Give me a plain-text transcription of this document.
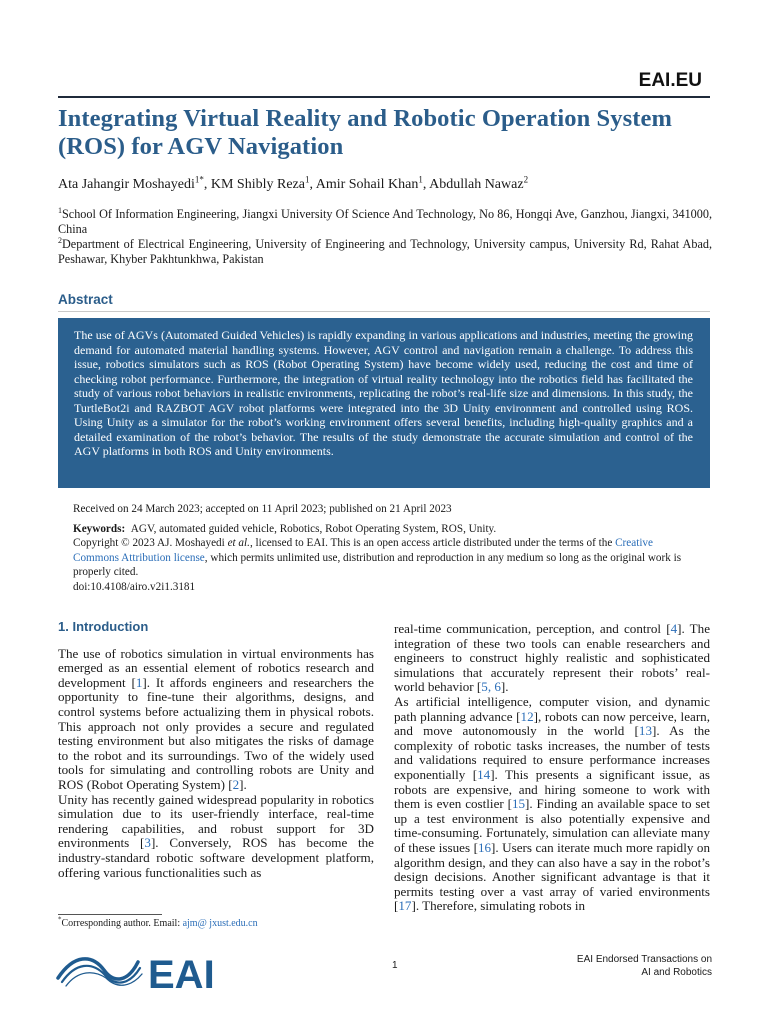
EAI.EU
Integrating Virtual Reality and Robotic Operation System (ROS) for AGV Navigation
Ata Jahangir Moshayedi$^{1*}$, KM Shibly Reza$^1$, Amir Sohail Khan$^1$, Abdullah Nawaz$^2$

$^1$School Of Information Engineering, Jiangxi University Of Science And Technology, No 86, Hongqi Ave, Ganzhou, Jiangxi, 341000, China

$^2$Department of Electrical Engineering, University of Engineering and Technology, University campus, University Rd, Rahat Abad, Peshawar, Khyber Pakhtunkhwa, Pakistan

Abstract

The use of AGVs (Automated Guided Vehicles) is rapidly expanding in various applications and industries, meeting the growing demand for automated material handling systems. However, AGV control and navigation remain a challenge. To address this issue, robotics simulators such as ROS (Robot Operating System) have become widely used, reducing the cost and time of checking robot performance. Furthermore, the integration of virtual reality technology into the robotics field has facilitated the study of various robot behaviors in realistic environments, replicating the robot’s real-life size and dimensions. In this study, the TurtleBot2i and RAZBOT AGV robot platforms were integrated into the 3D Unity environment and controlled using ROS. Using Unity as a simulator for the robot’s working environment offers several benefits, including high-quality graphics and a detailed examination of the robot’s behavior. The results of the study demonstrate the accurate simulation and control of the AGV platforms in both ROS and Unity environments.

Received on 24 March 2023; accepted on 11 April 2023; published on 21 April 2023

Keywords: AGV, automated guided vehicle, Robotics, Robot Operating System, ROS, Unity.

Copyright © 2023 AJ. Moshayedi et al., licensed to EAI. This is an open access article distributed under the terms of the Creative Commons Attribution license, which permits unlimited use, distribution and reproduction in any medium so long as the original work is properly cited.

doi:10.4108/airo.v2i1.3181

1. Introduction

The use of robotics simulation in virtual environments has emerged as an essential element of robotics research and development [1]. It affords engineers and researchers the opportunity to fine-tune their algorithms, designs, and control systems before actualizing them in physical robots. This approach not only provides a secure and regulated testing environment but also mitigates the risks of damage to the robot and its surroundings. Two of the widely used tools for simulating and controlling robots are Unity and ROS (Robot Operating System) [2].

Unity has recently gained widespread popularity in robotics simulation due to its user-friendly interface, real-time rendering capabilities, and robust support for 3D environments [3]. Conversely, ROS has become the industry-standard robotic software development platform, offering various functionalities such as

real-time communication, perception, and control [4]. The integration of these two tools can enable researchers and engineers to construct highly realistic and sophisticated simulations that accurately represent their robots’ real-world behavior [5, 6].

As artificial intelligence, computer vision, and dynamic path planning advance [12], robots can now perceive, learn, and move autonomously in the world [13]. As the complexity of robotic tasks increases, the number of tests and validations required to ensure performance increases exponentially [14]. This presents a significant issue, as robots are expensive, and hiring someone to work with them is even costlier [15]. Finding an available space to set up a test environment is also potentially expensive and time-consuming. Fortunately, simulation can alleviate many of these issues [16]. Users can iterate much more rapidly on algorithm design, and they can also have a say in the robot’s design decisions. Another significant advantage is that it permits testing over a vast array of varied environments [17]. Therefore, simulating robots in

*Corresponding author. Email: ajm@ jxust.edu.cn
EAI	1
EAI Endorsed Transactions on
AI and Robotics
